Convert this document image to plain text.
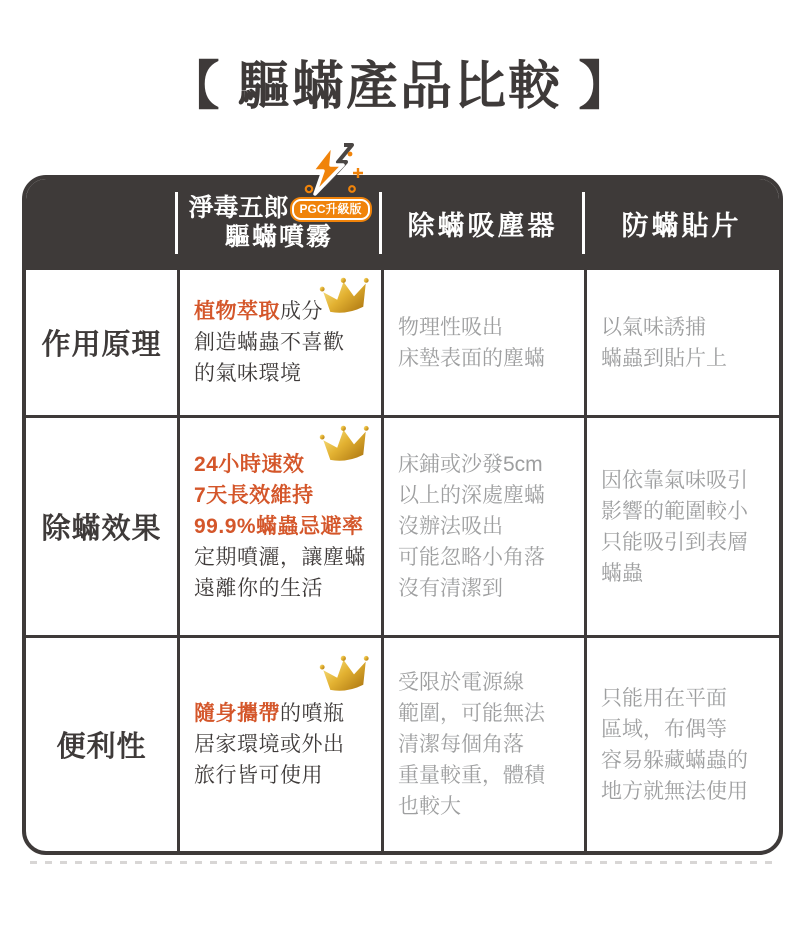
【 驅蟎產品比較 】
淨毒五郎 PGC升級版
驅蟎噴霧	除蟎吸塵器 防蟎貼片
作用原理

植物萃取成分

創造蟎蟲不喜歡

的氣味環境

物理性吸出

床墊表面的塵蟎

以氣味誘捕

蟎蟲到貼片上

除蟎效果

24小時速效

7天長效維持

99.9%蟎蟲忌避率

定期噴灑，讓塵蟎

遠離你的生活

床鋪或沙發5cm

以上的深處塵蟎

沒辦法吸出

可能忽略小角落

沒有清潔到

因依靠氣味吸引

影響的範圍較小

只能吸引到表層

蟎蟲

便利性

隨身攜帶的噴瓶

居家環境或外出

旅行皆可使用

受限於電源線

範圍，可能無法

清潔每個角落

重量較重，體積

也較大

只能用在平面

區域，布偶等

容易躲藏蟎蟲的

地方就無法使用
